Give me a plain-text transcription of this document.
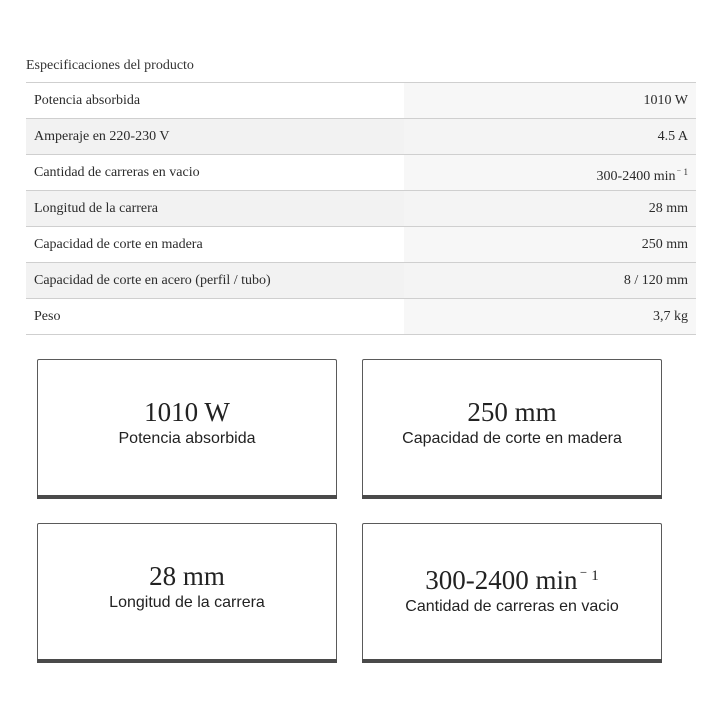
Especificaciones del producto
Potencia absorbida	1010 W
Amperaje en 220-230 V	4.5 A
Cantidad de carreras en vacio	300-2400 $\min^{^- 1}$
Longitud de la carrera	28 mm
Capacidad de corte en madera	250 mm
Capacidad de corte en acero (perfil / tubo)	8 / 120 mm
Peso	3,7 kg
1010 W
Potencia absorbida
250 mm
Capacidad de corte en madera
28 mm
Longitud de la carrera
300-2400 min $^{^- 1}$
Cantidad de carreras en vacio
